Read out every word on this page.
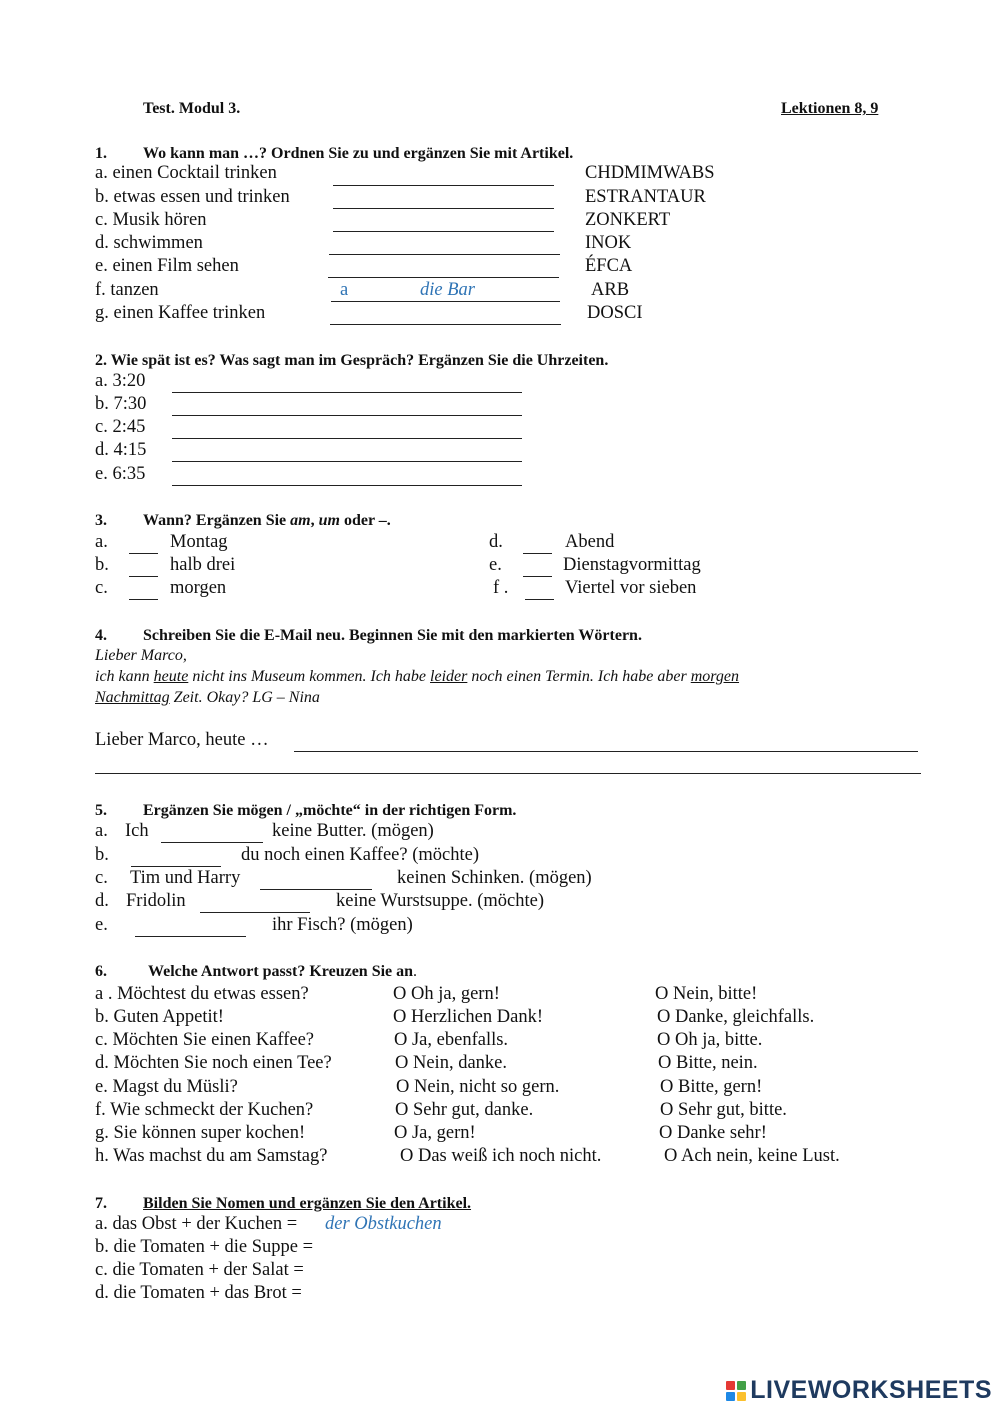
Test. Modul 3.	Lektionen 8, 9
1. Wo kann man …? Ordnen Sie zu und ergänzen Sie mit Artikel.
a. einen Cocktail trinken	CHDMIMWABS
b. etwas essen und trinken	ESTRANTAUR
c. Musik hören	ZONKERT
d. schwimmen	INOK
e. einen Film sehen	ÉFCA
f. tanzen	a	die Bar	ARB
g. einen Kaffee trinken	DOSCI
2. Wie spät ist es? Was sagt man im Gespräch? Ergänzen Sie die Uhrzeiten.
a. 3:20
b. 7:30
c. 2:45
d. 4:15
e. 6:35
3. Wann? Ergänzen Sie am, um oder –.
a.	Montag
b.	halb drei
c.	morgen
d.	Abend
e.	Dienstagvormittag
f .	Viertel vor sieben
4. Schreiben Sie die E-Mail neu. Beginnen Sie mit den markierten Wörtern.
Lieber Marco,
ich kann heute nicht ins Museum kommen. Ich habe leider noch einen Termin. Ich habe aber morgen
Nachmittag Zeit. Okay? LG – Nina
Lieber Marco, heute …
5. Ergänzen Sie mögen / „möchte“ in der richtigen Form.
a. Ich	keine Butter. (mögen)
b.	du noch einen Kaffee? (möchte)
c. Tim und Harry	keinen Schinken. (mögen)
d. Fridolin	keine Wurstsuppe. (möchte)
e.	ihr Fisch? (mögen)
6.	Welche Antwort passt? Kreuzen Sie an.
a . Möchtest du etwas essen?	O Oh ja, gern!	O Nein, bitte!
b. Guten Appetit!	O Herzlichen Dank!	O Danke, gleichfalls.
c. Möchten Sie einen Kaffee?	O Ja, ebenfalls.	O Oh ja, bitte.
d. Möchten Sie noch einen Tee?	O Nein, danke.	O Bitte, nein.
e. Magst du Müsli?	O Nein, nicht so gern.	O Bitte, gern!
f. Wie schmeckt der Kuchen?	O Sehr gut, danke.	O Sehr gut, bitte.
g. Sie können super kochen!	O Ja, gern!	O Danke sehr!
h. Was machst du am Samstag?	O Das weiß ich noch nicht.	O Ach nein, keine Lust.
7. Bilden Sie Nomen und ergänzen Sie den Artikel.
a. das Obst + der Kuchen = der Obstkuchen
b. die Tomaten + die Suppe =
c. die Tomaten + der Salat =
d. die Tomaten + das Brot =
LIVEWORKSHEETS
